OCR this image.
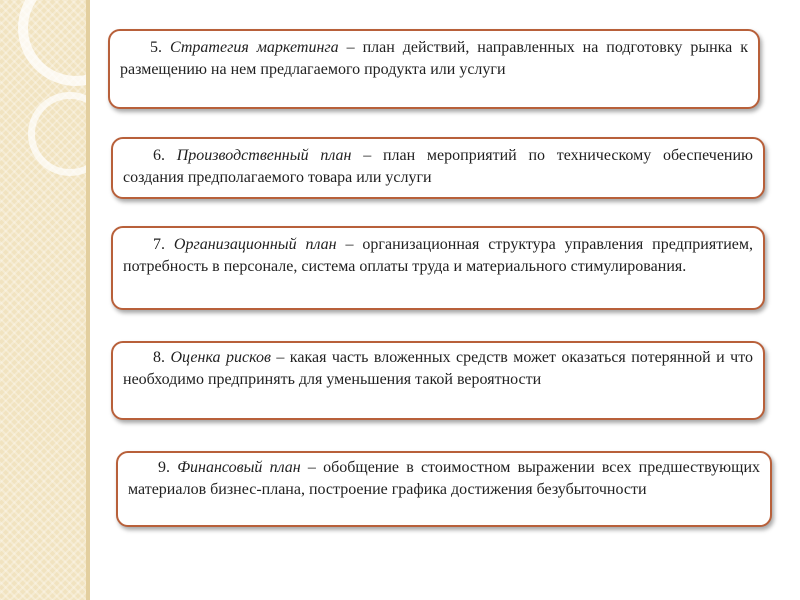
5. Стратегия маркетинга – план действий, направленных на подготовку рынка к размещению на нем предлагаемого продукта или услуги

6. Производственный план – план мероприятий по техническому обеспечению создания предполагаемого товара или услуги

7. Организационный план – организационная структура управления предприятием, потребность в персонале, система оплаты труда и материального стимулирования.

8. Оценка рисков – какая часть вложенных средств может оказаться потерянной и что необходимо предпринять для уменьшения такой вероятности

9. Финансовый план – обобщение в стоимостном выражении всех предшествующих материалов бизнес-плана, построение графика достижения безубыточности
